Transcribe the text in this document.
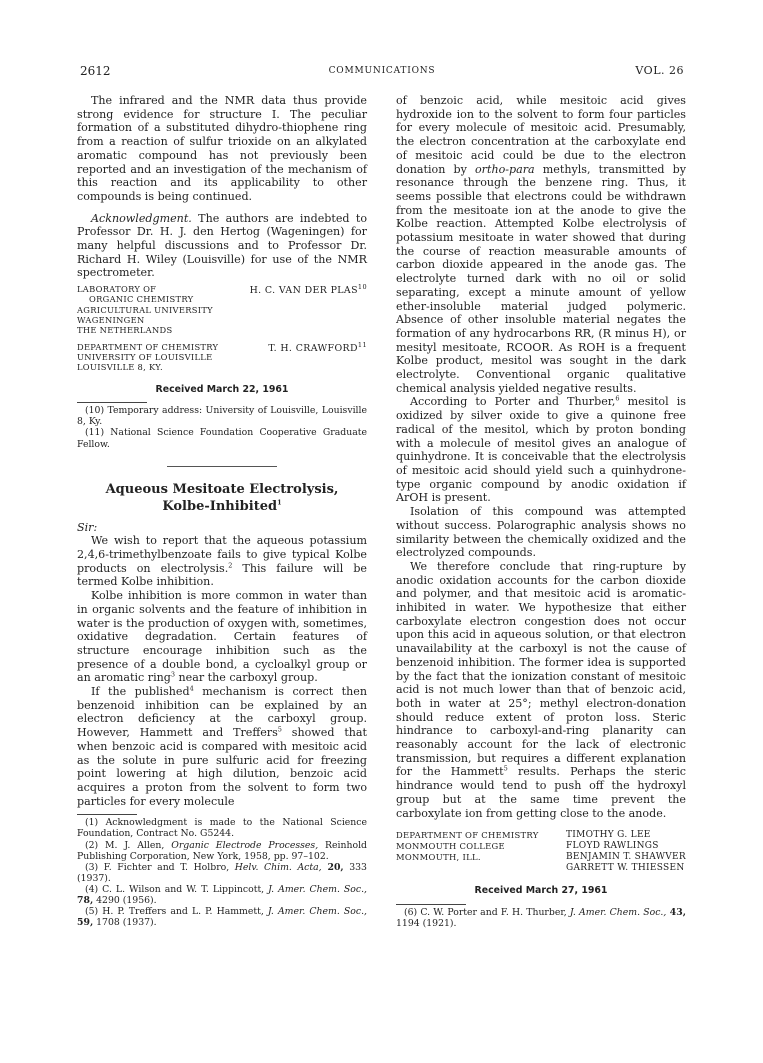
2612	COMMUNICATIONS	VOL. 26

The infrared and the NMR data thus provide strong evidence for structure I. The peculiar formation of a substituted dihydro-thiophene ring from a reaction of sulfur trioxide on an alkylated aromatic compound has not previously been reported and an investigation of the mechanism of this reaction and its applicability to other compounds is being continued.

Acknowledgment. The authors are indebted to Professor Dr. H. J. den Hertog (Wageningen) for many helpful discussions and to Professor Dr. Richard H. Wiley (Louisville) for use of the NMR spectrometer.

LABORATORY OF
ORGANIC CHEMISTRY
AGRICULTURAL UNIVERSITY
WAGENINGEN
THE NETHERLANDS
H. C. VAN DER PLAS$^{10}$
DEPARTMENT OF CHEMISTRY
UNIVERSITY OF LOUISVILLE
LOUISVILLE 8, KY.
T. H. CRAWFORD$^{11}$
Received March 22, 1961

(10) Temporary address: University of Louisville, Louisville 8, Ky.

(11) National Science Foundation Cooperative Graduate Fellow.

Aqueous Mesitoate Electrolysis,
Kolbe-Inhibited$^1$

Sir:

We wish to report that the aqueous potassium 2,4,6-trimethylbenzoate fails to give typical Kolbe products on electrolysis.$^2$ This failure will be termed Kolbe inhibition.

Kolbe inhibition is more common in water than in organic solvents and the feature of inhibition in water is the production of oxygen with, sometimes, oxidative degradation. Certain features of structure encourage inhibition such as the presence of a double bond, a cycloalkyl group or an aromatic ring$^3$ near the carboxyl group.

If the published$^4$ mechanism is correct then benzenoid inhibition can be explained by an electron deficiency at the carboxyl group. However, Hammett and Treffers$^5$ showed that when benzoic acid is compared with mesitoic acid as the solute in pure sulfuric acid for freezing point lowering at high dilution, benzoic acid acquires a proton from the solvent to form two particles for every molecule

(1) Acknowledgment is made to the National Science Foundation, Contract No. G5244.

(2) M. J. Allen, Organic Electrode Processes, Reinhold Publishing Corporation, New York, 1958, pp. 97–102.

(3) F. Fichter and T. Holbro, Helv. Chim. Acta, 20, 333 (1937).

(4) C. L. Wilson and W. T. Lippincott, J. Amer. Chem. Soc., 78, 4290 (1956).

(5) H. P. Treffers and L. P. Hammett, J. Amer. Chem. Soc., 59, 1708 (1937).

of benzoic acid, while mesitoic acid gives hydroxide ion to the solvent to form four particles for every molecule of mesitoic acid. Presumably, the electron concentration at the carboxylate end of mesitoic acid could be due to the electron donation by ortho-para methyls, transmitted by resonance through the benzene ring. Thus, it seems possible that electrons could be withdrawn from the mesitoate ion at the anode to give the Kolbe reaction. Attempted Kolbe electrolysis of potassium mesitoate in water showed that during the course of reaction measurable amounts of carbon dioxide appeared in the anode gas. The electrolyte turned dark with no oil or solid separating, except a minute amount of yellow ether-insoluble material judged polymeric. Absence of other insoluble material negates the formation of any hydrocarbons RR, (R minus H), or mesityl mesitoate, RCOOR. As ROH is a frequent Kolbe product, mesitol was sought in the dark electrolyte. Conventional organic qualitative chemical analysis yielded negative results.

According to Porter and Thurber,$^6$ mesitol is oxidized by silver oxide to give a quinone free radical of the mesitol, which by proton bonding with a molecule of mesitol gives an analogue of quinhydrone. It is conceivable that the electrolysis of mesitoic acid should yield such a quinhydrone-type organic compound by anodic oxidation if ArOH is present.

Isolation of this compound was attempted without success. Polarographic analysis shows no similarity between the chemically oxidized and the electrolyzed compounds.

We therefore conclude that ring-rupture by anodic oxidation accounts for the carbon dioxide and polymer, and that mesitoic acid is aromatic-inhibited in water. We hypothesize that either carboxylate electron congestion does not occur upon this acid in aqueous solution, or that electron unavailability at the carboxyl is not the cause of benzenoid inhibition. The former idea is supported by the fact that the ionization constant of mesitoic acid is not much lower than that of benzoic acid, both in water at 25°; methyl electron-donation should reduce extent of proton loss. Steric hindrance to carboxyl-and-ring planarity can reasonably account for the lack of electronic transmission, but requires a different explanation for the Hammett$^5$ results. Perhaps the steric hindrance would tend to push off the hydroxyl group but at the same time prevent the carboxylate ion from getting close to the anode.

DEPARTMENT OF CHEMISTRY
MONMOUTH COLLEGE
MONMOUTH, ILL.
TIMOTHY G. LEE
FLOYD RAWLINGS
BENJAMIN T. SHAWVER
GARRETT W. THIESSEN
Received March 27, 1961

(6) C. W. Porter and F. H. Thurber, J. Amer. Chem. Soc., 43, 1194 (1921).
